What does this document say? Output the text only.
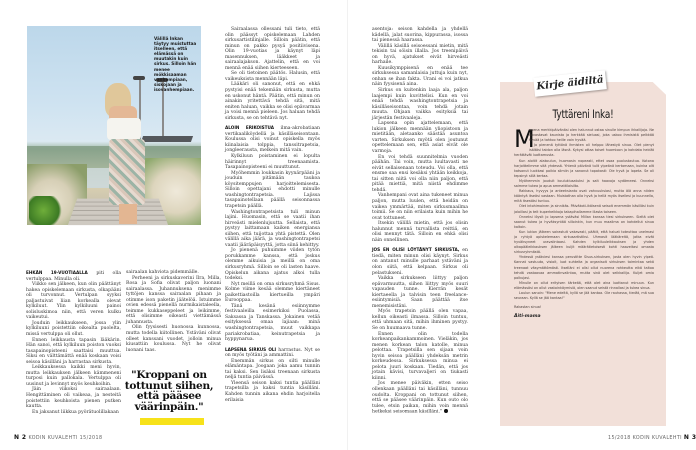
Välillä Inkan täytyy muistuttaa itselleen, että elämässä on muutakin kuin sirkus. Silloin hän menee mökkisaaman vanhempiaan, siskojaan ja isovanhempiaan.

EHKÄN 19-VUOTIAALLA piti olla vertulppaa. Minulla oli.

Viikko sen jälkeen, kun olin päättänyt hakea opiskelemaan sirkusta, olkapääni oli turvonnut. Vertulpan syyksi paljastuivat liian korkealla olevat kylkiluut. Ylin kylkiluuni painoi solisluskimoa niin, että veren kulku vaikeutui.

Jouduin leikkaukseen, jossa ylin kylkiluuni poistettiin oikealta puolelta, missä vertulppa oli ollut.

Ennen leikkausta tapasin lääkärin. Hän sanoi, että kylkiluun poiston vuoksi tasapainopisteeni saattaisi muuttua. Siksi en välttämättä enää koskaan voisi seisoa käsilläni ja harrastaa sirkusta.

Leikkauksessa kaikki meni hyvin, mutta leikkauksen jälkeen kämmeneni turposi kuin pallokala. Vertulppa oli uusinut ja levinnyt myös keuhkoihin.

Jäin viikoksi sairaalaan. Hengittäminen oli vaikeaa, ja nesteitä poistettiin keuhkoista pienen putken kautta.

En jaksanut liikkua pyörätuolillakaan

sairaalan kahviota pidemmälle.

Perheeni ja sirkuskaverini Ilra, Milla, Rosa ja Sofia olivat paljon luonani sairaalassa. Juhannuksena menimme tyttöjen kanssa sairaalan pihaan ja otimme ison paketin jäätelöä. Istuimme ovien edessä pienellä nurmikaistaleella, teimme kukkaseppeleet ja leikimme, että olisimme oikeasti viettämässä juhannusta.

Olin fyysisesti huonossa kunnossa, mutta todella kiitollinen. Ystäväni olivat olleet kanssani vuodet, jolloin minua kiusattiin koulussa. Nyt he olivat luonani taas.

Sairaalassa ollessani tuli tieto, että olin päässyt opiskelemaan Lahden sirkusartistilinjalle. Silloin päätin, että minun on pakko pysyä positiivisena. Olin 19-vuotias ja käynyt läpi masennuksen, lääkkeet ja sairaalajakson. Ajattelin, että en voi mennä enää siihen kierteeseen.

Se oli tietoinen päätös. Halusin, että vaikeuksista mennään läpi.

Lääkäri oli sanonut, että en ehkä pystyisi enää tekemään sirkusta, mutta en uskonut häntä. Päätin, että minun on ainakin yritettävä tehdä sitä, mitä eniten haluan, vaikka se olisi epävarmaa ja voisi mennä pieleen. Jos haluan tehdä sirkusta, se on tehtävä nyt.

ALOIN ERIKOISTUA ilma-akrobatiaan vertikaaliköydellä ja käsilläseisontaan. Koulussa olisi voinut opiskella myös kiinalaisia tolppia, tanssitrapetsia, jongleerausta, melkein mitä vain.

Kylkiluun poistaminen ei lopulta häirinnyt treenaamista. Tasapainopisteeni ei muuttunut.

Myöhemmin loukkasin kyynärpääni ja jouduin pitämään taukoa köysitemppujen harjoittelemisesta. Silloin opettajani ehdotti minulle washingtontrapetsia. Lajissa tasapainotellaan päällä seisonnassa trapetsin päällä.

Washingtontrapetsista tuli minun lajini. Huomasin, että se vaatii ihan hirveästi mielenlujuutta. Sellaista, että pystyy laittamaan kaiken energiansa siihen, että tuijottaa yhtä pistettä. Olen välillä aika jäärä, ja washingtontrapetsi vaatii jääräpäisyyttä, jotta siinä kehittyy.

Jo pienenä puhuimme viiden tytön porukkamme kanssa, että joskus olemme aikuisia ja meillä on oma sirkusryhmä. Silloin se oli lasten haave. Opiskelun aikana ajatus alkoi tulla todeksi.

Nyt meillä on oma sirkusryhmä Sisus. Kolme viime kesää olemme kiertäneet paikettiastoilla kiertueilla ympäri Eurooppaa.

Tänä kesänä esiinnymme festivaaleilla esimerkiksi Puolassa, Saksassa ja Tanskassa. Jokainen vetää esityksessä omaa lajiaan: minä washingtontrapetsia, muut vaikkapa pariakrobatiaa, keinutrapetsia ja hyppynarua.

LAPSENA SIRKUS OLI harrastus. Nyt se on myös työtäni ja ammattini.

Enemmän sirkus on silti minulle elämäntapa. Joogaan joka aamu tunnin tai kaksi. Sen lisäksi treenaan sirkusta neljä tuntia päivässä.

Yleensä seison kaksi tuntia päälläni trapetsilla ja kaksi tuntia käsilläni. Kahden tunnin aikana ehdin harjoitella erilaisia

"Kroppani on tottunut siihen, että pääsee väärinpäin."
N 2 KODIN KUVALEHTI 15/2018

asentoja: seison kahdella ja yhdellä kädellä, jalat suorina, kippurassa, isossa tai pienessä haarassa.

Välillä käsillä seisoessani mietin, mitä tekisin tai söisin illalla. Jos treenipäivä on hyvä, ajatukset eivät hirveästi harhaile.

Kuusikymppisenä en enää tee sirkuksessa samanlaisia juttuja kuin nyt, onhan se ihan fakta. Urani ei voi jatkua näin fyysisenä aina.

Sirkus on kuitenkin laaja ala, paljon laajempi kuin kuvittelisi. Kun en voi enää tehdä washingtontrapetsia ja käsilläseisontaa, voin tehdä jotain muuta. Ohjaan vaikka esityksiä tai järjestän festivaaleja.

Lapsena opin ajattelemaan, että lukion jälkeen mennään yliopistoon ja mietitään, aletaanko säästää asuntoa varten. Sirkuksen myötä olen joutunut opettelemaan sen, että asiat eivät ole varmoja.

En voi tehdä suunnitelmia vuoden päähän. Tai voin, mutta luultavasti ne eivät sellaisenaan toteudu. Voi olla, että ensme saa ensi kesäksi yhtään keikkoja, tai sitten niitä voi olla niin paljon, että pitää miettiä, mitä niistä ehdimme tehdä.

Vanhempani ovat aina tukeneet minua paljon, mutta luulen, että heidän on vaikea ymmärtää, miten sirkusmaailma toimii. Se on niin erilaista kuin mihin he ovat tottuneet.

Itsekin välillä mietin, että jos olisin halunnut mennä turvallista reittiä, en olisi mennyt tätä. Silloin en ehkä olisi näin onnellinen.

JOS EN OLISI LÖYTÄNYT SIRKUSTA, en tiedä, miten minun olisi käynyt. Sirkus on antanut minulle parhaat ystäväni ja olon siitä, että kelpaan. Sirkus oli pelastukseni.

Vaikka sirkukseen liittyy paljon epävarmuutta, siihen liittyy myös suuri vapauden tunne. Kierrän kesät kiertaeella ja talvisin teen freelance-esiintymisiä. Saan päättää itse menemisistäni.

Myös trapetsin päällä olen vapaa, kellun oikeasti ilmassa. Silloin tuntuu, että uhmaan sitä, mihin ihminen pystyy. Se on huumaava tunne.

Ennen olin todella korkeanpaikankammoinen. Vieläkin, jos menen korkean talon katolle, minua pelottaa. Trapetsilla sen sijaan voin hyvin seisoa päälläni yhdeksän metrin korkeudessa. Sirkuksessa minua ei pelota juuri koskaan. Tiedän, että jos jotain kävisi, turvavaljeri on tiukasti kiinni.

Jos menee päiväkin, etten seiso ollenkaan päälläni tai käsilläni, tunnuu oudolta. Kroppani on tottunut siihen, että se pääsee väärinpäin. Kun outo olo tulee, etsin paikan, mihin voin mennä hetkeksi seisomaan käsilläni."

15/2018 KODIN KUVALEHTI N 3
Kirje äidiltä
Tyttäreni Inka!

M
onena merkkipäivänäsi olen halunnut ostaa sinulle kimpun ihkailijoja. Ne kuvastavat kaunista ja herkkää sieluasi, joka uskoo ihmisistä pelkkää hyvää ja tahtoo heille vain hyvää.

Jo pienenä tyttönä ihmisten oli helppo lähestyä sinua. Olet pienyt isältäsi taidon olla läsnä. Kykysi ottaa toiset huomioon ja kohdata heidät herättävät luottamusta.

Kun aloitit alakoulun, huomasin nopeasti, ettet osaa puolustautua. Kotona harjoittelimme sitä yhdessä. Yhtenä päivänä tulit ylpeänä kertomaan, kuinka olit katsonut luokkasi poikia silmiin ja sanonut topakasti: Ole hyvä ja lopeta. Se oli tepsinyt sillä kertaa.

Myöhemmin jouduit koulukiusatuksi ja sait haavoja sydämeesi. Onneksi saimme tukea ja apua ammattilaisilta.

Rakkaus, hyvyys ja anteeksianto ovat vahvuuksiasi, mutta älä anna niiden kääntyä itseäsi vastaan. Muistathan olla hyvä ja hellä myös itsellesi ja kuunnella, mitä itsestäsi tuntuu.

Olet intohimoinen ja sinnikäs. Päiväkoti-ikäisenä seisoit enemmän käsilläsi kuin jaloillasi ja teit kuperkeikkoja takapihallamme illasta toiseen.

Onneksi löysit jo lapsena ystäväsi Millan kanssa tiesi sirkukseen. Sieltä olet saanut tukea ja hyväksyntää silloinkin, kun muu maailma on kohdellut sinua kaltoin.

Kun lukion jälkeen sairastuit vakavasti, päätit, että haluat toteuttaa unelmasi ja ryhtyä opiskelemaan sirkusartistiksi. Uhmasit lääkäreitä, jotka eivät hyväksyneet uravalintaasi. Kahden kylkiluuleikkauksen ja yhden olkapääleikkauksen jälkeen kuljit määrätietoisesti kohti haaveitasi omasta sirkusryhmästä.

Yhdessä ystäviesi kanssa perustitte Sisus-sirkuksen, josta olen hyvin ylpeä. Kannat vastuuta, visioit, luot suhteita ja organisoit sirkuksen toimintaa sekä treenaat väsymättömästi. Itselläni ei olisi ollut nuorena rohkeutta eikä taitoa tehdä vastaavaa ammatinvalintaa, mutta sinä olet seikkailija. Kuljet omia polkujasi.

Minulle on ollut erityisen tärkeää, että olet aina luottanut minuun. Kun elämässäsi on ollut vastoinkäymisiä, olen saanut seistä rinnallasi ja tukea sinua.

Laulun sanoin: "Mene edeltä, kyllä se jää kantaa. Ole rauhassa, tiedät, mä sua seuraan. Kyllä se jää kantaa!"

Rakastan sinua!

Äiti-mama
